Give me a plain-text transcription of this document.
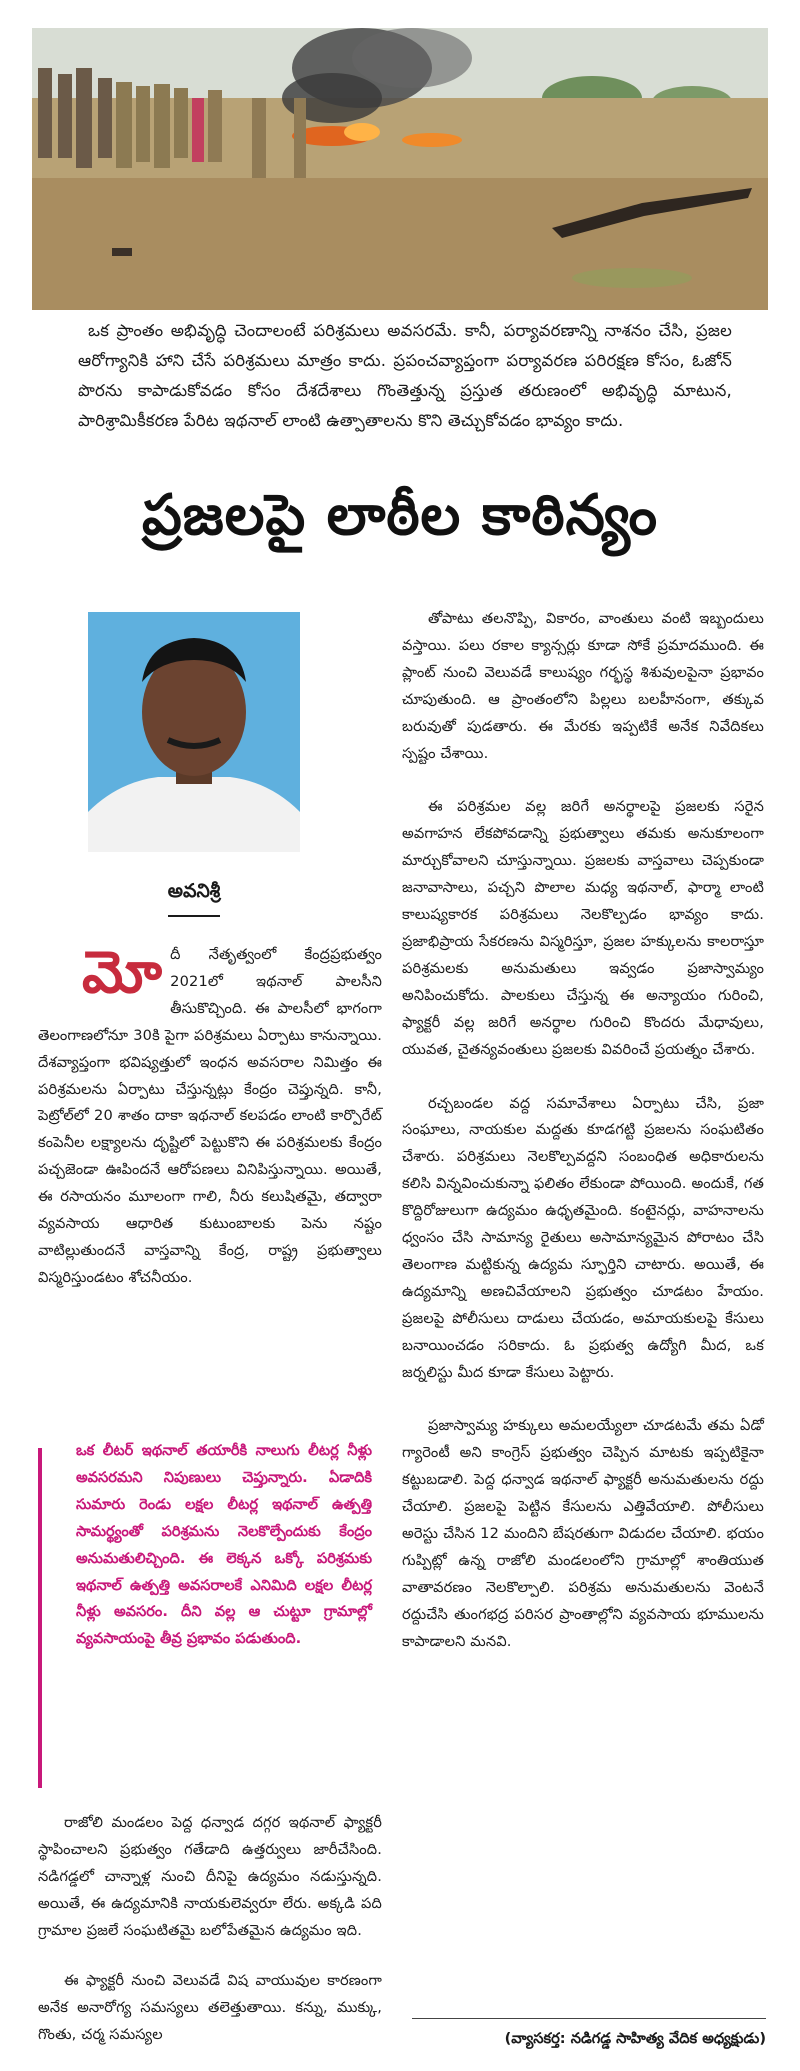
ఒక ప్రాంతం అభివృద్ధి చెందాలంటే పరిశ్రమలు అవసరమే. కానీ, పర్యావరణాన్ని నాశనం చేసి, ప్రజల ఆరోగ్యానికి హాని చేసే పరిశ్రమలు మాత్రం కాదు. ప్రపంచవ్యాప్తంగా పర్యావరణ పరిరక్షణ కోసం, ఓజోన్ పొరను కాపాడుకోవడం కోసం దేశదేశాలు గొంతెత్తున్న ప్రస్తుత తరుణంలో అభివృద్ధి మాటున, పారిశ్రామికీకరణ పేరిట ఇథనాల్ లాంటి ఉత్పాతాలను కొని తెచ్చుకోవడం భావ్యం కాదు.

ప్రజలపై లాఠీల కాఠిన్యం

అవనిశ్రీ

మోదీ నేతృత్వంలో కేంద్రప్రభుత్వం 2021లో ఇథనాల్ పాలసీని తీసుకొచ్చింది. ఈ పాలసీలో భాగంగా తెలంగాణలోనూ 30కి పైగా పరిశ్రమలు ఏర్పాటు కానున్నాయి. దేశవ్యాప్తంగా భవిష్యత్తులో ఇంధన అవసరాల నిమిత్తం ఈ పరిశ్రమలను ఏర్పాటు చేస్తున్నట్లు కేంద్రం చెప్తున్నది. కానీ, పెట్రోల్‌లో 20 శాతం దాకా ఇథనాల్ కలపడం లాంటి కార్పొరేట్ కంపెనీల లక్ష్యాలను దృష్టిలో పెట్టుకొని ఈ పరిశ్రమలకు కేంద్రం పచ్చజెండా ఊపిందనే ఆరోపణలు వినిపిస్తున్నాయి. అయితే, ఈ రసాయనం మూలంగా గాలి, నీరు కలుషితమై, తద్వారా వ్యవసాయ ఆధారిత కుటుంబాలకు పెను నష్టం వాటిల్లుతుందనే వాస్తవాన్ని కేంద్ర, రాష్ట్ర ప్రభుత్వాలు విస్మరిస్తుండటం శోచనీయం.

ఒక లీటర్ ఇథనాల్ తయారీకి నాలుగు లీటర్ల నీళ్లు అవసరమని నిపుణులు చెప్తున్నారు. ఏడాదికి సుమారు రెండు లక్షల లీటర్ల ఇథనాల్ ఉత్పత్తి సామర్థ్యంతో పరిశ్రమను నెలకొల్పేందుకు కేంద్రం అనుమతులిచ్చింది. ఈ లెక్కన ఒక్కో పరిశ్రమకు ఇథనాల్ ఉత్పత్తి అవసరాలకే ఎనిమిది లక్షల లీటర్ల నీళ్లు అవసరం. దీని వల్ల ఆ చుట్టూ గ్రామాల్లో వ్యవసాయంపై తీవ్ర ప్రభావం పడుతుంది.

రాజోలి మండలం పెద్ద ధన్వాడ దగ్గర ఇథనాల్ ఫ్యాక్టరీ స్థాపించాలని ప్రభుత్వం గతేడాది ఉత్తర్వులు జారీచేసింది. నడిగడ్డలో చాన్నాళ్ల నుంచి దీనిపై ఉద్యమం నడుస్తున్నది. అయితే, ఈ ఉద్యమానికి నాయకులెవ్వరూ లేరు. అక్కడి పది గ్రామాల ప్రజలే సంఘటితమై బలోపేతమైన ఉద్యమం ఇది.

ఈ ఫ్యాక్టరీ నుంచి వెలువడే విష వాయువుల కారణంగా అనేక అనారోగ్య సమస్యలు తలెత్తుతాయి. కన్ను, ముక్కు, గొంతు, చర్మ సమస్యల

తోపాటు తలనొప్పి, వికారం, వాంతులు వంటి ఇబ్బందులు వస్తాయి. పలు రకాల క్యాన్సర్లు కూడా సోకే ప్రమాదముంది. ఈ ప్లాంట్ నుంచి వెలువడే కాలుష్యం గర్భస్థ శిశువులపైనా ప్రభావం చూపుతుంది. ఆ ప్రాంతంలోని పిల్లలు బలహీనంగా, తక్కువ బరువుతో పుడతారు. ఈ మేరకు ఇప్పటికే అనేక నివేదికలు స్పష్టం చేశాయి.

ఈ పరిశ్రమల వల్ల జరిగే అనర్థాలపై ప్రజలకు సరైన అవగాహన లేకపోవడాన్ని ప్రభుత్వాలు తమకు అనుకూలంగా మార్చుకోవాలని చూస్తున్నాయి. ప్రజలకు వాస్తవాలు చెప్పకుండా జనావాసాలు, పచ్చని పొలాల మధ్య ఇథనాల్, ఫార్మా లాంటి కాలుష్యకారక పరిశ్రమలు నెలకొల్పడం భావ్యం కాదు. ప్రజాభిప్రాయ సేకరణను విస్మరిస్తూ, ప్రజల హక్కులను కాలరాస్తూ పరిశ్రమలకు అనుమతులు ఇవ్వడం ప్రజాస్వామ్యం అనిపించుకోదు. పాలకులు చేస్తున్న ఈ అన్యాయం గురించి, ఫ్యాక్టరీ వల్ల జరిగే అనర్థాల గురించి కొందరు మేధావులు, యువత, చైతన్యవంతులు ప్రజలకు వివరించే ప్రయత్నం చేశారు.

రచ్చబండల వద్ద సమావేశాలు ఏర్పాటు చేసి, ప్రజా సంఘాలు, నాయకుల మద్దతు కూడగట్టి ప్రజలను సంఘటితం చేశారు. పరిశ్రమలు నెలకొల్పవద్దని సంబంధిత అధికారులను కలిసి విన్నవించుకున్నా ఫలితం లేకుండా పోయింది. అందుకే, గత కొద్దిరోజులుగా ఉద్యమం ఉధృతమైంది. కంటైనర్లు, వాహనాలను ధ్వంసం చేసి సామాన్య రైతులు అసామాన్యమైన పోరాటం చేసి తెలంగాణ మట్టికున్న ఉద్యమ స్ఫూర్తిని చాటారు. అయితే, ఈ ఉద్యమాన్ని అణచివేయాలని ప్రభుత్వం చూడటం హేయం. ప్రజలపై పోలీసులు దాడులు చేయడం, అమాయకులపై కేసులు బనాయించడం సరికాదు. ఓ ప్రభుత్వ ఉద్యోగి మీద, ఒక జర్నలిస్టు మీద కూడా కేసులు పెట్టారు.

ప్రజాస్వామ్య హక్కులు అమలయ్యేలా చూడటమే తమ ఏడో గ్యారెంటీ అని కాంగ్రెస్ ప్రభుత్వం చెప్పిన మాటకు ఇప్పటికైనా కట్టుబడాలి. పెద్ద ధన్వాడ ఇథనాల్ ఫ్యాక్టరీ అనుమతులను రద్దు చేయాలి. ప్రజలపై పెట్టిన కేసులను ఎత్తివేయాలి. పోలీసులు అరెస్టు చేసిన 12 మందిని బేషరతుగా విడుదల చేయాలి. భయం గుప్పిట్లో ఉన్న రాజోలి మండలంలోని గ్రామాల్లో శాంతియుత వాతావరణం నెలకొల్పాలి. పరిశ్రమ అనుమతులను వెంటనే రద్దుచేసి తుంగభద్ర పరిసర ప్రాంతాల్లోని వ్యవసాయ భూములను కాపాడాలని మనవి.

(వ్యాసకర్త: నడిగడ్డ సాహిత్య వేదిక అధ్యక్షుడు)
